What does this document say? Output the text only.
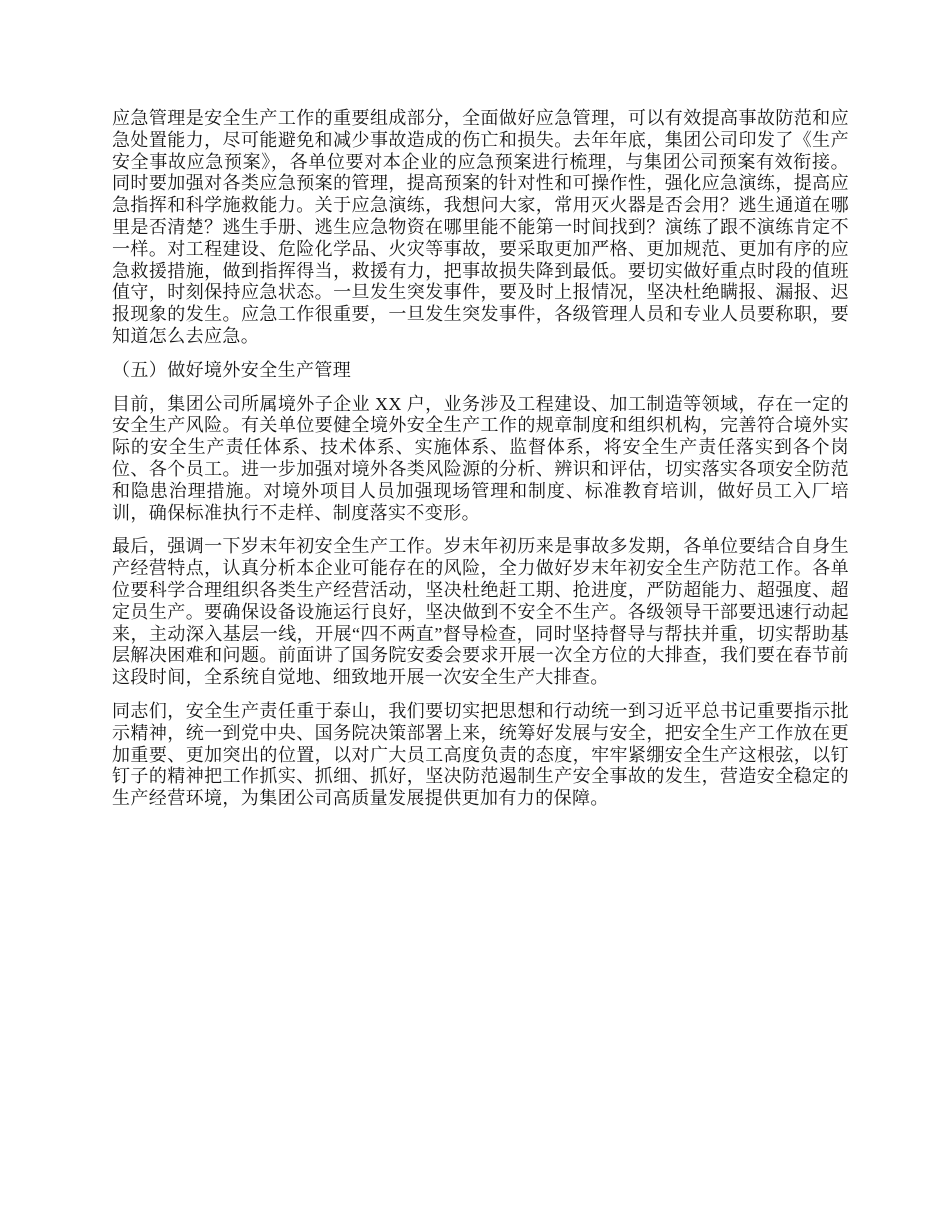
应急管理是安全生产工作的重要组成部分，全面做好应急管理，可以有效提高事故防范和应急处置能力，尽可能避免和减少事故造成的伤亡和损失。去年年底，集团公司印发了《生产安全事故应急预案》，各单位要对本企业的应急预案进行梳理，与集团公司预案有效衔接。同时要加强对各类应急预案的管理，提高预案的针对性和可操作性，强化应急演练，提高应急指挥和科学施救能力。关于应急演练，我想问大家，常用灭火器是否会用？逃生通道在哪里是否清楚？逃生手册、逃生应急物资在哪里能不能第一时间找到？演练了跟不演练肯定不一样。对工程建设、危险化学品、火灾等事故，要采取更加严格、更加规范、更加有序的应急救援措施，做到指挥得当，救援有力，把事故损失降到最低。要切实做好重点时段的值班值守，时刻保持应急状态。一旦发生突发事件，要及时上报情况，坚决杜绝瞒报、漏报、迟报现象的发生。应急工作很重要，一旦发生突发事件，各级管理人员和专业人员要称职，要知道怎么去应急。

（五）做好境外安全生产管理

目前，集团公司所属境外子企业 XX 户，业务涉及工程建设、加工制造等领域，存在一定的安全生产风险。有关单位要健全境外安全生产工作的规章制度和组织机构，完善符合境外实际的安全生产责任体系、技术体系、实施体系、监督体系，将安全生产责任落实到各个岗位、各个员工。进一步加强对境外各类风险源的分析、辨识和评估，切实落实各项安全防范和隐患治理措施。对境外项目人员加强现场管理和制度、标准教育培训，做好员工入厂培训，确保标准执行不走样、制度落实不变形。

最后，强调一下岁末年初安全生产工作。岁末年初历来是事故多发期，各单位要结合自身生产经营特点，认真分析本企业可能存在的风险，全力做好岁末年初安全生产防范工作。各单位要科学合理组织各类生产经营活动，坚决杜绝赶工期、抢进度，严防超能力、超强度、超定员生产。要确保设备设施运行良好，坚决做到不安全不生产。各级领导干部要迅速行动起来，主动深入基层一线，开展“四不两直”督导检查，同时坚持督导与帮扶并重，切实帮助基层解决困难和问题。前面讲了国务院安委会要求开展一次全方位的大排查，我们要在春节前这段时间，全系统自觉地、细致地开展一次安全生产大排查。

同志们，安全生产责任重于泰山，我们要切实把思想和行动统一到习近平总书记重要指示批示精神，统一到党中央、国务院决策部署上来，统筹好发展与安全，把安全生产工作放在更加重要、更加突出的位置，以对广大员工高度负责的态度，牢牢紧绷安全生产这根弦，以钉钉子的精神把工作抓实、抓细、抓好，坚决防范遏制生产安全事故的发生，营造安全稳定的生产经营环境，为集团公司高质量发展提供更加有力的保障。
